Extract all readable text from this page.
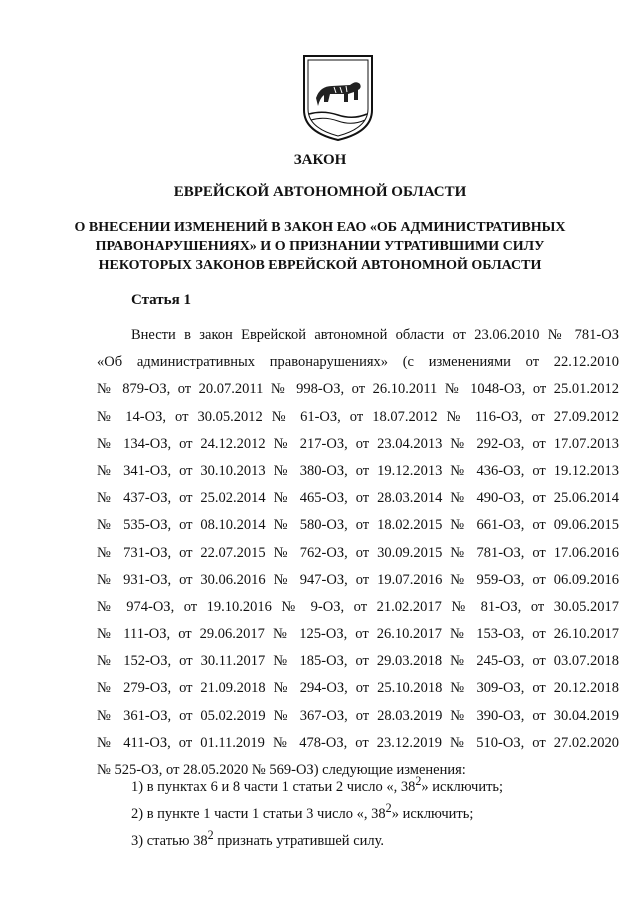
ЗАКОН
ЕВРЕЙСКОЙ АВТОНОМНОЙ ОБЛАСТИ
О ВНЕСЕНИИ ИЗМЕНЕНИЙ В ЗАКОН ЕАО «ОБ АДМИНИСТРАТИВНЫХ
ПРАВОНАРУШЕНИЯХ» И О ПРИЗНАНИИ УТРАТИВШИМИ СИЛУ
НЕКОТОРЫХ ЗАКОНОВ ЕВРЕЙСКОЙ АВТОНОМНОЙ ОБЛАСТИ
Статья 1
Внести в закон Еврейской автономной области от 23.06.2010 № 781-ОЗ
«Об административных правонарушениях» (с изменениями от 22.12.2010
№ 879-ОЗ, от 20.07.2011 № 998-ОЗ, от 26.10.2011 № 1048-ОЗ, от 25.01.2012
№ 14-ОЗ, от 30.05.2012 № 61-ОЗ, от 18.07.2012 № 116-ОЗ, от 27.09.2012
№ 134-ОЗ, от 24.12.2012 № 217-ОЗ, от 23.04.2013 № 292-ОЗ, от 17.07.2013
№ 341-ОЗ, от 30.10.2013 № 380-ОЗ, от 19.12.2013 № 436-ОЗ, от 19.12.2013
№ 437-ОЗ, от 25.02.2014 № 465-ОЗ, от 28.03.2014 № 490-ОЗ, от 25.06.2014
№ 535-ОЗ, от 08.10.2014 № 580-ОЗ, от 18.02.2015 № 661-ОЗ, от 09.06.2015
№ 731-ОЗ, от 22.07.2015 № 762-ОЗ, от 30.09.2015 № 781-ОЗ, от 17.06.2016
№ 931-ОЗ, от 30.06.2016 № 947-ОЗ, от 19.07.2016 № 959-ОЗ, от 06.09.2016
№ 974-ОЗ, от 19.10.2016 № 9-ОЗ, от 21.02.2017 № 81-ОЗ, от 30.05.2017
№ 111-ОЗ, от 29.06.2017 № 125-ОЗ, от 26.10.2017 № 153-ОЗ, от 26.10.2017
№ 152-ОЗ, от 30.11.2017 № 185-ОЗ, от 29.03.2018 № 245-ОЗ, от 03.07.2018
№ 279-ОЗ, от 21.09.2018 № 294-ОЗ, от 25.10.2018 № 309-ОЗ, от 20.12.2018
№ 361-ОЗ, от 05.02.2019 № 367-ОЗ, от 28.03.2019 № 390-ОЗ, от 30.04.2019
№ 411-ОЗ, от 01.11.2019 № 478-ОЗ, от 23.12.2019 № 510-ОЗ, от 27.02.2020
№ 525-ОЗ, от 28.05.2020 № 569-ОЗ) следующие изменения:
1) в пунктах 6 и 8 части 1 статьи 2 число «, $38^2$» исключить;
2) в пункте 1 части 1 статьи 3 число «, $38^2$» исключить;
3) статью $38^2$ признать утратившей силу.
